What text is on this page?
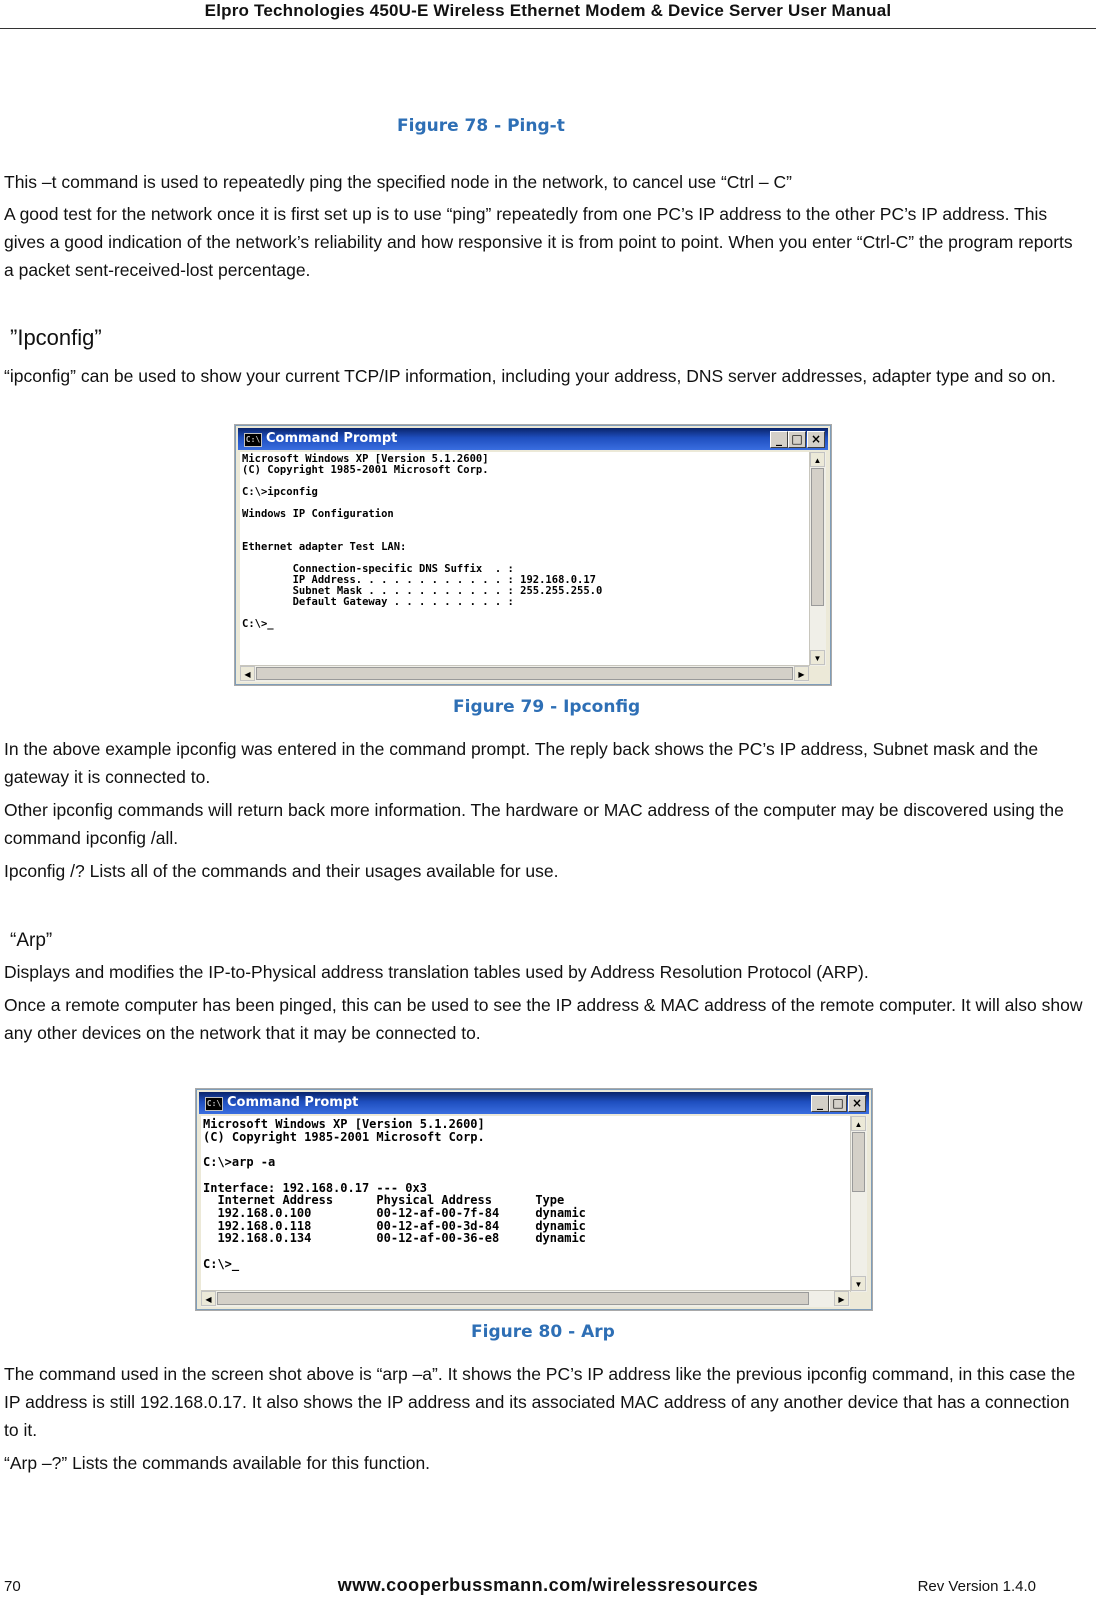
Elpro Technologies 450U-E Wireless Ethernet Modem & Device Server User Manual
Figure 78 - Ping-t

This –t command is used to repeatedly ping the specified node in the network, to cancel use “Ctrl – C”

A good test for the network once it is first set up is to use “ping” repeatedly from one PC’s IP address to the other PC’s IP address. This gives a good indication of the network’s reliability and how responsive it is from point to point. When you enter “Ctrl-C” the program reports a packet sent-received-lost percentage.

”Ipconfig”

“ipconfig” can be used to show your current TCP/IP information, including your address, DNS server addresses, adapter type and so on.

C:\ Command Prompt	_ □ ×
Microsoft Windows XP [Version 5.1.2600]
(C) Copyright 1985-2001 Microsoft Corp.

C:\>ipconfig

Windows IP Configuration

Ethernet adapter Test LAN:

Connection-specific DNS Suffix  . :
IP Address. . . . . . . . . . . . : 192.168.0.17
Subnet Mask . . . . . . . . . . . : 255.255.255.0
Default Gateway . . . . . . . . . :

C:\>_
▲
▼
◀	▶
Figure 79 - Ipconfig

In the above example ipconfig was entered in the command prompt. The reply back shows the PC’s IP address, Subnet mask and the gateway it is connected to.

Other ipconfig commands will return back more information. The hardware or MAC address of the computer may be discovered using the command ipconfig /all.

Ipconfig /? Lists all of the commands and their usages available for use.

“Arp”

Displays and modifies the IP-to-Physical address translation tables used by Address Resolution Protocol (ARP).

Once a remote computer has been pinged, this can be used to see the IP address & MAC address of the remote computer. It will also show any other devices on the network that it may be connected to.

C:\ Command Prompt	_ □ ×
Microsoft Windows XP [Version 5.1.2600]
(C) Copyright 1985-2001 Microsoft Corp.

C:\>arp -a

Interface: 192.168.0.17 --- 0x3
Internet Address      Physical Address      Type
192.168.0.100         00-12-af-00-7f-84     dynamic
192.168.0.118         00-12-af-00-3d-84     dynamic
192.168.0.134         00-12-af-00-36-e8     dynamic

C:\>_
▲
▼
◀	▶
Figure 80 - Arp

The command used in the screen shot above is “arp –a”. It shows the PC’s IP address like the previous ipconfig command, in this case the IP address is still 192.168.0.17. It also shows the IP address and its associated MAC address of any another device that has a connection to it.

“Arp –?” Lists the commands available for this function.

70	www.cooperbussmann.com/wirelessresources	Rev Version 1.4.0
